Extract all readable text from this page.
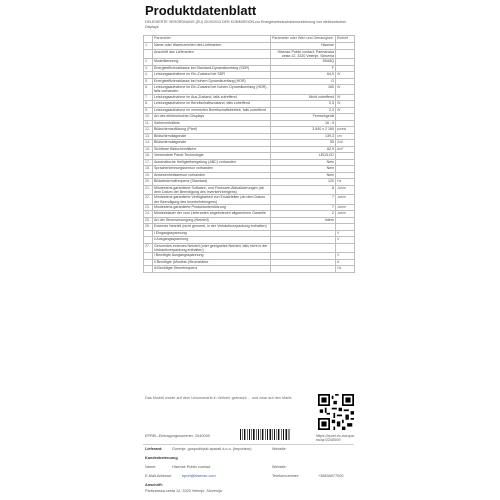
Produktdatenblatt
DELEGIERTE VERORDNUNG (EU) 2019/2013 DER KOMMISSION zur Energieverbrauchskennzeichnung von elektronischen Displays
	Parameter	Parameter oder Wert und Genauigkeit	Einheit
1.	Name oder Warenzeichen des Lieferanten	Hisense	
	Anschrift des Lieferanten	Hisense Public contact, Parmanska cesta 12, 3320 Velenje, Slovenia	
2.	Modellkennung	55U8Q	
3.	Energieeffizienzklasse bei Standard-Dynamikumfang (SDR)	F	
4.	Leistungsaufnahme im Ein-Zustand bei SDR	64,0	W
5.	Energieeffizienzklasse bei hohem Dynamikumfang (HDR)	G	
6.	Leistungsaufnahme im Ein-Zustand bei hohem Dynamikumfang (HDR), falls vorhanden	160	W
7.	Leistungsaufnahme im Aus-Zustand, falls zutreffend	Nicht zutreffend	W
8.	Leistungsaufnahme im Bereitschaftszustand, falls zutreffend	0,5	W
9.	Leistungsaufnahme im vernetzten Bereitschaftsbetrieb, falls zutreffend	2,0	W
10.	Art des elektronischen Displays	Fernsehgerät	
11.	Seitenverhältnis	16 : 9	
12.	Bildschirmauflösung (Pixel)	3 840 x 2 160	pixels
13.	Bildschirmdiagonale	139,3	cm
14.	Bildschirmdiagonale	55	Zoll
15.	Sichtbare Bildschirmfläche	82,9	dm²
16.	Verwendete Panel-Technologie	LED/LCD	
17.	Automatische Helligkeitsregelung (ABC) vorhanden	Nein	
18.	Spracherkennungssensor vorhanden	Nein	
19.	Anwesenheitssensor vorhanden	Nein	
20.	Bildwiederholfrequenz (Standard)	120	Hz
21.	Mindestens garantierte Software- und Firmware-Aktualisierungen (ab dem Datum der Beendigung des Inverkehrbringens)	8	Jahre
22.	Mindestens garantierte Verfügbarkeit von Ersatzteilen (ab dem Datum der Beendigung des Inverkehrbringens)	7	Jahre
23.	Mindestens garantierte Produktunterstützung	7	Jahre
24.	Mindestdauer der vom Lieferanten angebotenen allgemeinen Garantie	2	Jahre
25.	Art der Stromversorgung (Netzteil)	Intern	
26.	Externes Netzteil (nicht genormt, in der Verkaufsverpackung enthalten)		
	i Eingangsspannung		V
	ii Ausgangsspannung		V
27.	Genormtes externes Netzteil (oder geeignetes Netzteil, falls nicht in der Verkaufsverpackung enthalten)		
	i Benötigte Ausgangsspannung		V
	ii Benötigte (Mindest-)Stromstärke		A
	iii Benötigte Stromfrequenz		Hz
Das Modell wurde auf dem Unionsmarkt in Verkehr gebracht ... und zwar auf den Markt.
https://eprel.ec.europa.eu/qr/2240009
EPREL-Eintragungsnummer: 2040009
Lieferant:	Gorenje, gospodinjski aparati d.o.o. (Importeur)	Website:
Kundenbetreuung
Name:	Hisense Public contact	Website:
E-Mail-Adresse:	eprel@hisense.com	Telefonnummer:	+38638977000
Anschrift:
Partizanska cesta 12, 3320 Velenje, Slovenija
